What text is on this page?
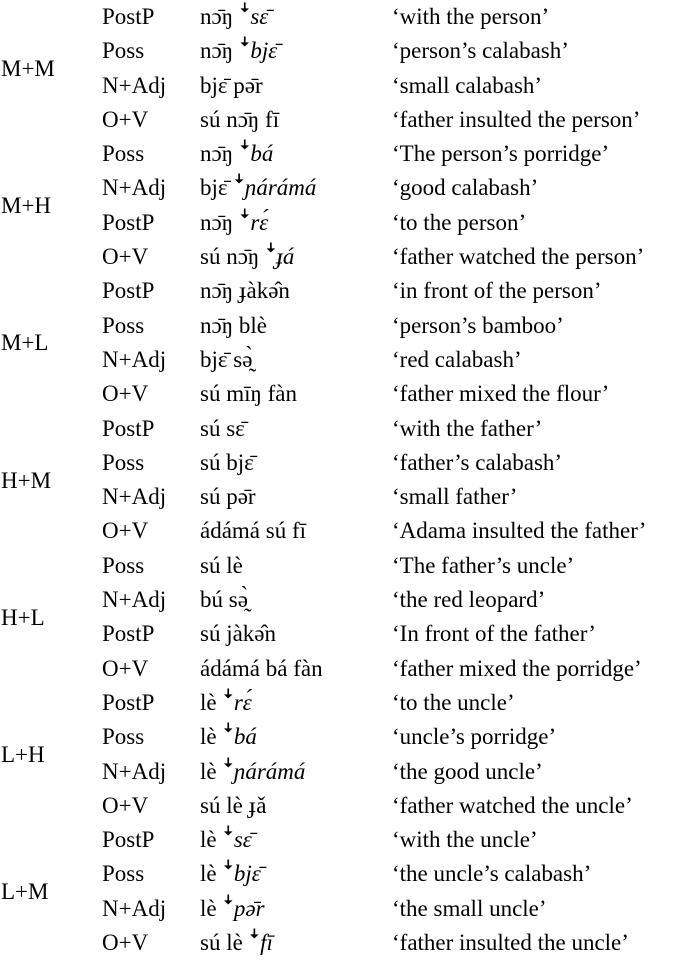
M+M
PostP nɔ̄ŋ ꜜsɛ̄	‘with the person’
Poss nɔ̄ŋ ꜜbjɛ̄	‘person’s calabash’
N+Adj bjɛ̄ pə̄r	‘small calabash’
O+V sú nɔ̄ŋ fī	‘father insulted the person’
M+H
Poss nɔ̄ŋ ꜜbá	‘The person’s porridge’
N+Adj bjɛ̄ ꜜɲárámá	‘good calabash’
PostP nɔ̄ŋ ꜜrɛ́	‘to the person’
O+V sú nɔ̄ŋ ꜜɟá	‘father watched the person’
M+L
PostP nɔ̄ŋ ɟàkə̂n	‘in front of the person’
Poss nɔ̄ŋ blè	‘person’s bamboo’
N+Adj bjɛ̄ sə̰̀	‘red calabash’
O+V sú mīŋ fàn	‘father mixed the flour’
H+M
PostP sú sɛ̄	‘with the father’
Poss sú bjɛ̄	‘father’s calabash’
N+Adj sú pə̄r	‘small father’
O+V ádámá sú fī	‘Adama insulted the father’
H+L
Poss sú lè	‘The father’s uncle’
N+Adj bú sə̰̀	‘the red leopard’
PostP sú jàkə̂n	‘In front of the father’
O+V ádámá bá fàn	‘father mixed the porridge’
L+H
PostP lè ꜜrɛ́	‘to the uncle’
Poss lè ꜜbá	‘uncle’s porridge’
N+Adj lè ꜜɲárámá	‘the good uncle’
O+V sú lè ɟǎ	‘father watched the uncle’
L+M
PostP lè ꜜsɛ̄	‘with the uncle’
Poss lè ꜜbjɛ̄	‘the uncle’s calabash’
N+Adj lè ꜜpə̄r	‘the small uncle’
O+V sú lè ꜜfī	‘father insulted the uncle’
